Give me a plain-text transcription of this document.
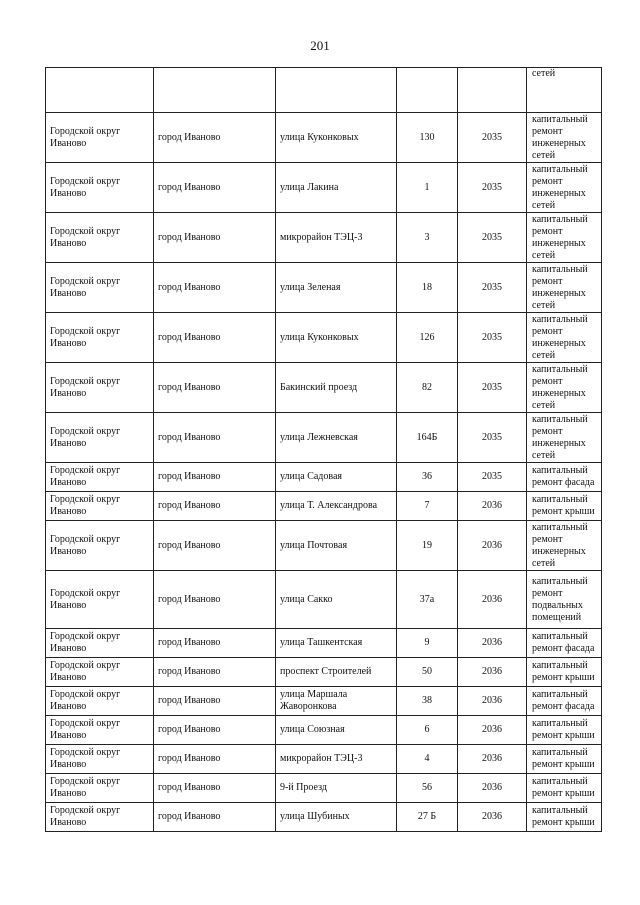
201
					сетей
Городской округ Иваново	город Иваново	улица Куконковых	130	2035	капитальный ремонт инженерных сетей
Городской округ Иваново	город Иваново	улица Лакина	1	2035	капитальный ремонт инженерных сетей
Городской округ Иваново	город Иваново	микрорайон ТЭЦ-3	3	2035	капитальный ремонт инженерных сетей
Городской округ Иваново	город Иваново	улица Зеленая	18	2035	капитальный ремонт инженерных сетей
Городской округ Иваново	город Иваново	улица Куконковых	126	2035	капитальный ремонт инженерных сетей
Городской округ Иваново	город Иваново	Бакинский проезд	82	2035	капитальный ремонт инженерных сетей
Городской округ Иваново	город Иваново	улица Лежневская	164Б	2035	капитальный ремонт инженерных сетей
Городской округ Иваново	город Иваново	улица Садовая	36	2035	капитальный ремонт фасада
Городской округ Иваново	город Иваново	улица Т. Александрова	7	2036	капитальный ремонт крыши
Городской округ Иваново	город Иваново	улица Почтовая	19	2036	капитальный ремонт инженерных сетей
Городской округ Иваново	город Иваново	улица Сакко	37а	2036	капитальный ремонт подвальных помещений
Городской округ Иваново	город Иваново	улица Ташкентская	9	2036	капитальный ремонт фасада
Городской округ Иваново	город Иваново	проспект Строителей	50	2036	капитальный ремонт крыши
Городской округ Иваново	город Иваново	улица Маршала Жаворонкова	38	2036	капитальный ремонт фасада
Городской округ Иваново	город Иваново	улица Союзная	6	2036	капитальный ремонт крыши
Городской округ Иваново	город Иваново	микрорайон ТЭЦ-3	4	2036	капитальный ремонт крыши
Городской округ Иваново	город Иваново	9-й Проезд	56	2036	капитальный ремонт крыши
Городской округ Иваново	город Иваново	улица Шубиных	27 Б	2036	капитальный ремонт крыши
